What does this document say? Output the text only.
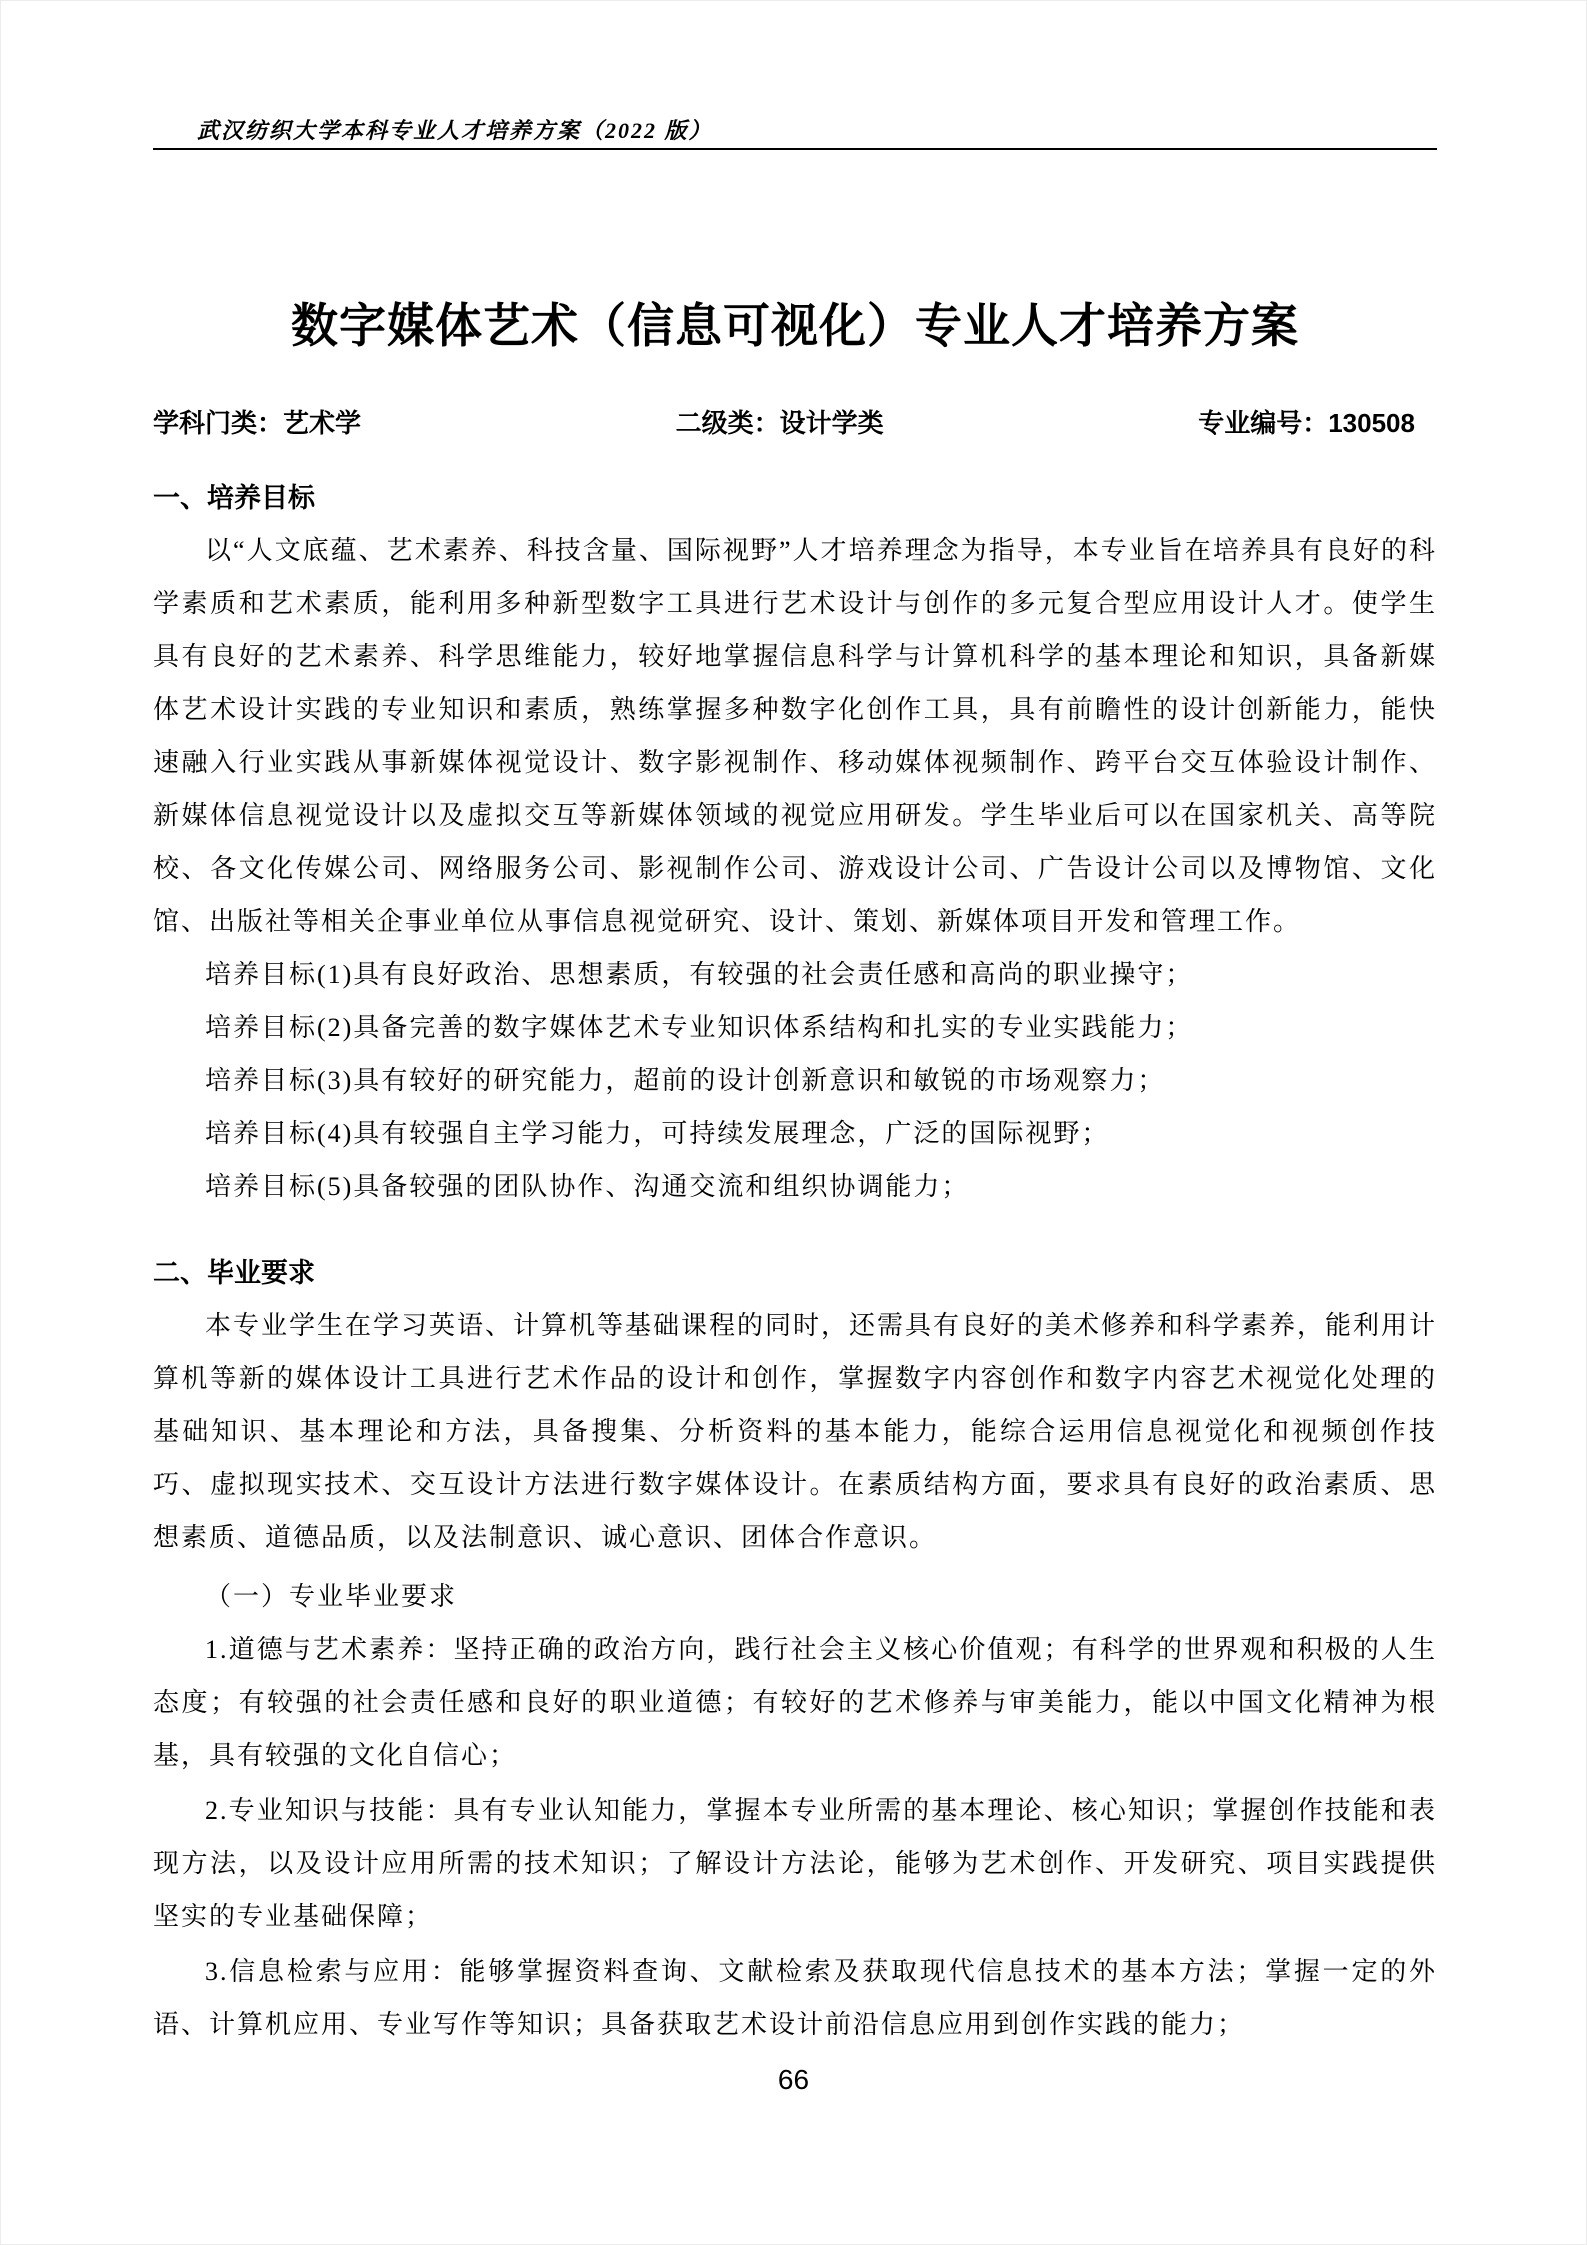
武汉纺织大学本科专业人才培养方案（2022 版）
数字媒体艺术（信息可视化）专业人才培养方案
学科门类：艺术学	二级类：设计学类	专业编号：130508
一、培养目标

以“人文底蕴、艺术素养、科技含量、国际视野”人才培养理念为指导，本专业旨在培养具有良好的科学素质和艺术素质，能利用多种新型数字工具进行艺术设计与创作的多元复合型应用设计人才。使学生具有良好的艺术素养、科学思维能力，较好地掌握信息科学与计算机科学的基本理论和知识，具备新媒体艺术设计实践的专业知识和素质，熟练掌握多种数字化创作工具，具有前瞻性的设计创新能力，能快速融入行业实践从事新媒体视觉设计、数字影视制作、移动媒体视频制作、跨平台交互体验设计制作、新媒体信息视觉设计以及虚拟交互等新媒体领域的视觉应用研发。学生毕业后可以在国家机关、高等院校、各文化传媒公司、网络服务公司、影视制作公司、游戏设计公司、广告设计公司以及博物馆、文化馆、出版社等相关企事业单位从事信息视觉研究、设计、策划、新媒体项目开发和管理工作。

培养目标(1)具有良好政治、思想素质，有较强的社会责任感和高尚的职业操守；

培养目标(2)具备完善的数字媒体艺术专业知识体系结构和扎实的专业实践能力；

培养目标(3)具有较好的研究能力，超前的设计创新意识和敏锐的市场观察力；

培养目标(4)具有较强自主学习能力，可持续发展理念，广泛的国际视野；

培养目标(5)具备较强的团队协作、沟通交流和组织协调能力；

二、毕业要求

本专业学生在学习英语、计算机等基础课程的同时，还需具有良好的美术修养和科学素养，能利用计算机等新的媒体设计工具进行艺术作品的设计和创作，掌握数字内容创作和数字内容艺术视觉化处理的基础知识、基本理论和方法，具备搜集、分析资料的基本能力，能综合运用信息视觉化和视频创作技巧、虚拟现实技术、交互设计方法进行数字媒体设计。在素质结构方面，要求具有良好的政治素质、思想素质、道德品质，以及法制意识、诚心意识、团体合作意识。

（一）专业毕业要求

1.道德与艺术素养：坚持正确的政治方向，践行社会主义核心价值观；有科学的世界观和积极的人生态度；有较强的社会责任感和良好的职业道德；有较好的艺术修养与审美能力，能以中国文化精神为根基，具有较强的文化自信心；

2.专业知识与技能：具有专业认知能力，掌握本专业所需的基本理论、核心知识；掌握创作技能和表现方法，以及设计应用所需的技术知识；了解设计方法论，能够为艺术创作、开发研究、项目实践提供坚实的专业基础保障；

3.信息检索与应用：能够掌握资料查询、文献检索及获取现代信息技术的基本方法；掌握一定的外语、计算机应用、专业写作等知识；具备获取艺术设计前沿信息应用到创作实践的能力；

66
